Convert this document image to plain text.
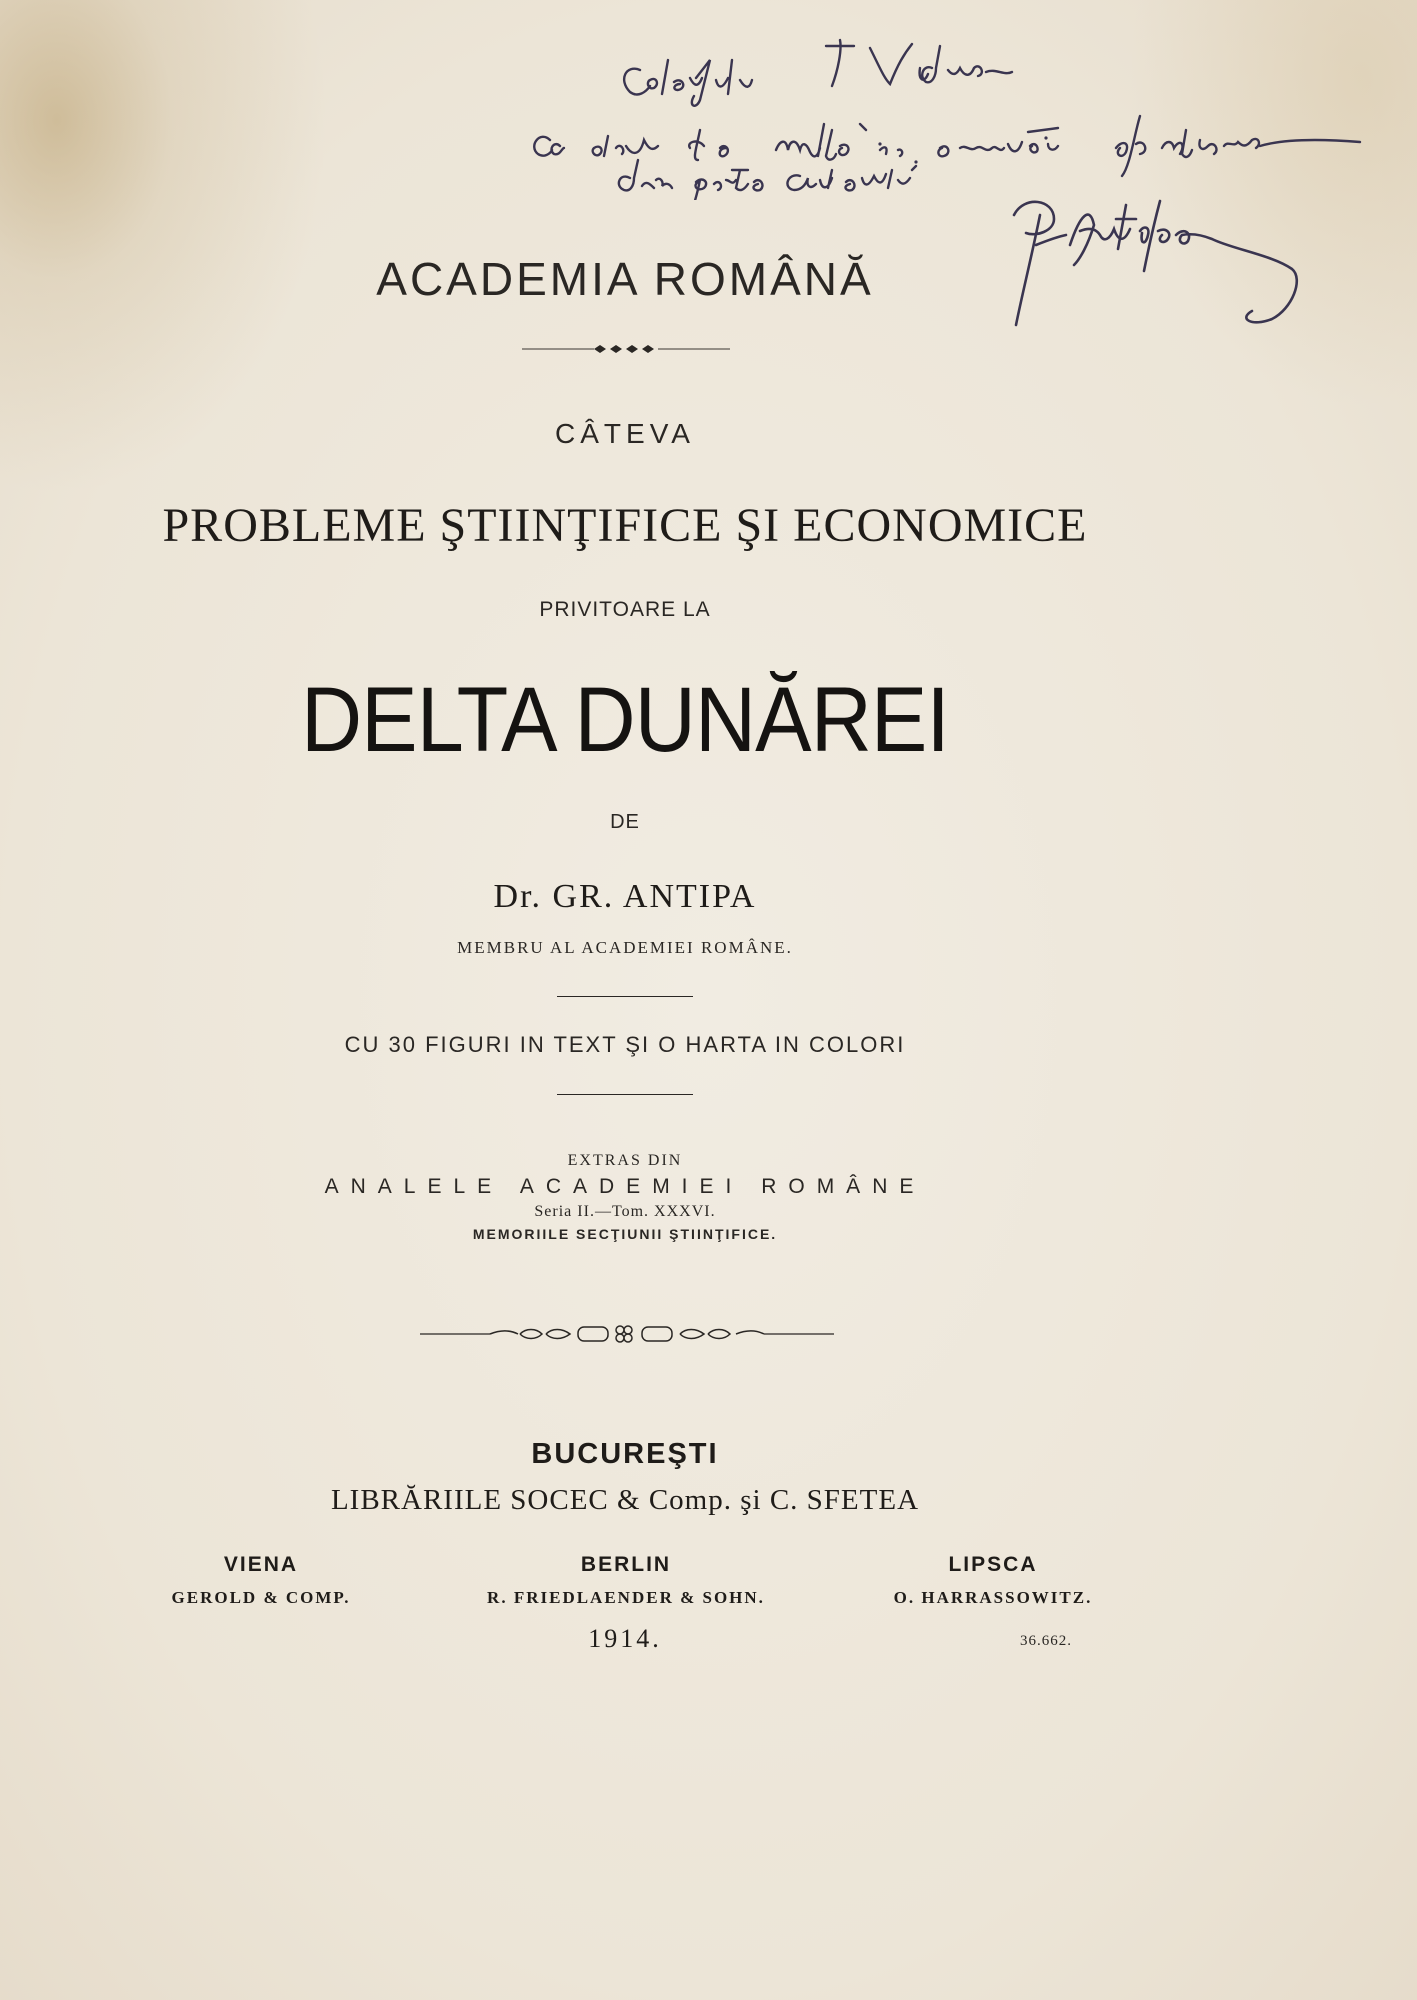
ACADEMIA ROMÂNĂ
CÂTEVA
PROBLEME ŞTIINŢIFICE ŞI ECONOMICE
PRIVITOARE LA
DELTA DUNĂREI
DE
Dr. GR. ANTIPA
MEMBRU AL ACADEMIEI ROMÂNE.
CU 30 FIGURI IN TEXT ŞI O HARTA IN COLORI
EXTRAS DIN
ANALELE ACADEMIEI ROMÂNE
Seria II.—Tom. XXXVI.
MEMORIILE SECŢIUNII ŞTIINŢIFICE.
BUCUREŞTI
LIBRĂRIILE SOCEC & Comp. şi C. SFETEA
VIENA
GEROLD & COMP.
BERLIN
R. FRIEDLAENDER & SOHN.
LIPSCA
O. HARRASSOWITZ.
1914.	36.662.
